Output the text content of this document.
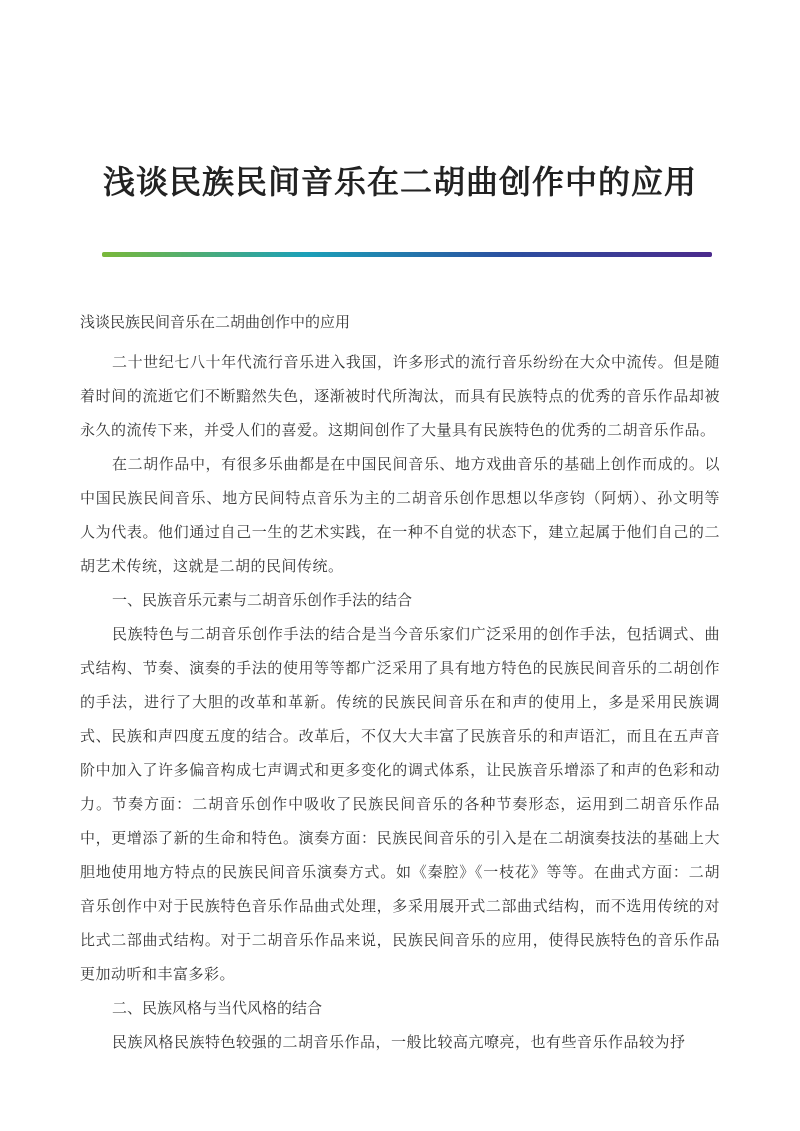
浅谈民族民间音乐在二胡曲创作中的应用

浅谈民族民间音乐在二胡曲创作中的应用

二十世纪七八十年代流行音乐进入我国，许多形式的流行音乐纷纷在大众中流传。但是随着时间的流逝它们不断黯然失色，逐渐被时代所淘汰，而具有民族特点的优秀的音乐作品却被永久的流传下来，并受人们的喜爱。这期间创作了大量具有民族特色的优秀的二胡音乐作品。

在二胡作品中，有很多乐曲都是在中国民间音乐、地方戏曲音乐的基础上创作而成的。以中国民族民间音乐、地方民间特点音乐为主的二胡音乐创作思想以华彦钧（阿炳）、孙文明等人为代表。他们通过自己一生的艺术实践，在一种不自觉的状态下，建立起属于他们自己的二胡艺术传统，这就是二胡的民间传统。

一、民族音乐元素与二胡音乐创作手法的结合

民族特色与二胡音乐创作手法的结合是当今音乐家们广泛采用的创作手法，包括调式、曲式结构、节奏、演奏的手法的使用等等都广泛采用了具有地方特色的民族民间音乐的二胡创作的手法，进行了大胆的改革和革新。传统的民族民间音乐在和声的使用上，多是采用民族调式、民族和声四度五度的结合。改革后，不仅大大丰富了民族音乐的和声语汇，而且在五声音阶中加入了许多偏音构成七声调式和更多变化的调式体系，让民族音乐增添了和声的色彩和动力。节奏方面：二胡音乐创作中吸收了民族民间音乐的各种节奏形态，运用到二胡音乐作品中，更增添了新的生命和特色。演奏方面：民族民间音乐的引入是在二胡演奏技法的基础上大胆地使用地方特点的民族民间音乐演奏方式。如《秦腔》《一枝花》等等。在曲式方面：二胡音乐创作中对于民族特色音乐作品曲式处理，多采用展开式二部曲式结构，而不选用传统的对比式二部曲式结构。对于二胡音乐作品来说，民族民间音乐的应用，使得民族特色的音乐作品更加动听和丰富多彩。

二、民族风格与当代风格的结合

民族风格民族特色较强的二胡音乐作品，一般比较高亢嘹亮，也有些音乐作品较为抒
